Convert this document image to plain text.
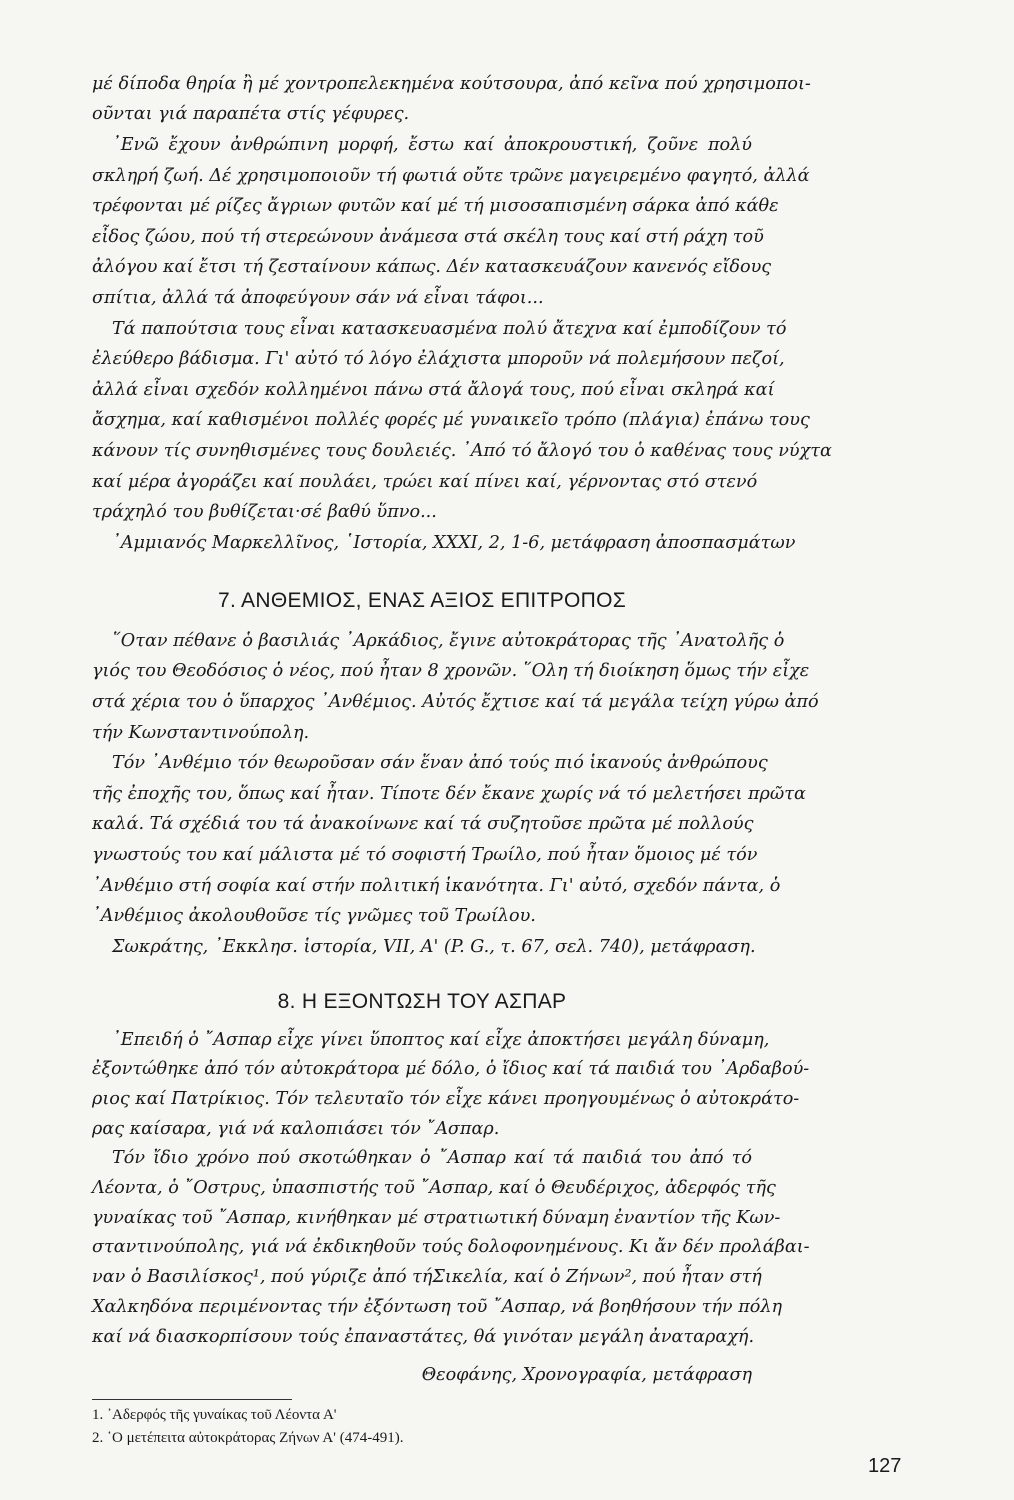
μέ δίποδα θηρία ἢ μέ χοντροπελεκημένα κούτσουρα, ἀπό κεῖνα πού χρησιμοποι-
οῦνται γιά παραπέτα στίς γέφυρες.
᾿Ενῶ ἔχουν ἀνθρώπινη μορφή, ἔστω καί ἀποκρουστική, ζοῦνε πολύ
σκληρή ζωή. Δέ χρησιμοποιοῦν τή φωτιά οὔτε τρῶνε μαγειρεμένο φαγητό, ἀλλά
τρέφονται μέ ρίζες ἄγριων φυτῶν καί μέ τή μισοσαπισμένη σάρκα ἀπό κάθε
εἶδος ζώου, πού τή στερεώνουν ἀνάμεσα στά σκέλη τους καί στή ράχη τοῦ
ἀλόγου καί ἔτσι τή ζεσταίνουν κάπως. Δέν κατασκευάζουν κανενός εἴδους
σπίτια, ἀλλά τά ἀποφεύγουν σάν νά εἶναι τάφοι...
Τά παπούτσια τους εἶναι κατασκευασμένα πολύ ἄτεχνα καί ἐμποδίζουν τό
ἐλεύθερο βάδισμα. Γι' αὐτό τό λόγο ἐλάχιστα μποροῦν νά πολεμήσουν πεζοί,
ἀλλά εἶναι σχεδόν κολλημένοι πάνω στά ἄλογά τους, πού εἶναι σκληρά καί
ἄσχημα, καί καθισμένοι πολλές φορές μέ γυναικεῖο τρόπο (πλάγια) ἐπάνω τους
κάνουν τίς συνηθισμένες τους δουλειές. ᾿Από τό ἄλογό του ὁ καθένας τους νύχτα
καί μέρα ἀγοράζει καί πουλάει, τρώει καί πίνει καί, γέρνοντας στό στενό
τράχηλό του βυθίζεται·σέ βαθύ ὕπνο...
᾿Αμμιανός Μαρκελλῖνος, ῾Ιστορία, XXXI, 2, 1-6, μετάφραση ἀποσπασμάτων
7. ΑΝΘΕΜΙΟΣ, ΕΝΑΣ ΑΞΙΟΣ ΕΠΙΤΡΟΠΟΣ
῞Οταν πέθανε ὁ βασιλιάς ᾿Αρκάδιος, ἔγινε αὐτοκράτορας τῆς ᾿Ανατολῆς ὁ
γιός του Θεοδόσιος ὁ νέος, πού ἦταν 8 χρονῶν. ῞Ολη τή διοίκηση ὅμως τήν εἶχε
στά χέρια του ὁ ὕπαρχος ᾿Ανθέμιος. Αὐτός ἔχτισε καί τά μεγάλα τείχη γύρω ἀπό
τήν Κωνσταντινούπολη.
Τόν ᾿Ανθέμιο τόν θεωροῦσαν σάν ἕναν ἀπό τούς πιό ἱκανούς ἀνθρώπους
τῆς ἐποχῆς του, ὅπως καί ἦταν. Τίποτε δέν ἔκανε χωρίς νά τό μελετήσει πρῶτα
καλά. Τά σχέδιά του τά ἀνακοίνωνε καί τά συζητοῦσε πρῶτα μέ πολλούς
γνωστούς του καί μάλιστα μέ τό σοφιστή Τρωίλο, πού ἦταν ὅμοιος μέ τόν
᾿Ανθέμιο στή σοφία καί στήν πολιτική ἱκανότητα. Γι' αὐτό, σχεδόν πάντα, ὁ
᾿Ανθέμιος ἀκολουθοῦσε τίς γνῶμες τοῦ Τρωίλου.
Σωκράτης, ᾿Εκκλησ. ἱστορία, VII, A' (P. G., τ. 67, σελ. 740), μετάφραση.
8. Η ΕΞΟΝΤΩΣΗ ΤΟΥ ΑΣΠΑΡ
᾿Επειδή ὁ ῎Ασπαρ εἶχε γίνει ὕποπτος καί εἶχε ἀποκτήσει μεγάλη δύναμη,
ἐξοντώθηκε ἀπό τόν αὐτοκράτορα μέ δόλο, ὁ ἴδιος καί τά παιδιά του ᾿Αρδαβού-
ριος καί Πατρίκιος. Τόν τελευταῖο τόν εἶχε κάνει προηγουμένως ὁ αὐτοκράτο-
ρας καίσαρα, γιά νά καλοπιάσει τόν ῎Ασπαρ.
Τόν ἴδιο χρόνο πού σκοτώθηκαν ὁ ῎Ασπαρ καί τά παιδιά του ἀπό τό
Λέοντα, ὁ ῎Οστρυς, ὑπασπιστής τοῦ ῎Ασπαρ, καί ὁ Θευδέριχος, ἀδερφός τῆς
γυναίκας τοῦ ῎Ασπαρ, κινήθηκαν μέ στρατιωτική δύναμη ἐναντίον τῆς Κων-
σταντινούπολης, γιά νά ἐκδικηθοῦν τούς δολοφονημένους. Κι ἄν δέν προλάβαι-
ναν ὁ Βασιλίσκος¹, πού γύριζε ἀπό τήΣικελία, καί ὁ Ζήνων², πού ἦταν στή
Χαλκηδόνα περιμένοντας τήν ἐξόντωση τοῦ ῎Ασπαρ, νά βοηθήσουν τήν πόλη
καί νά διασκορπίσουν τούς ἐπαναστάτες, θά γινόταν μεγάλη ἀναταραχή.
Θεοφάνης, Χρονογραφία, μετάφραση
1. ᾿Αδερφός τῆς γυναίκας τοῦ Λέοντα Α'
2. ῾Ο μετέπειτα αὐτοκράτορας Ζήνων Α' (474-491).
127
